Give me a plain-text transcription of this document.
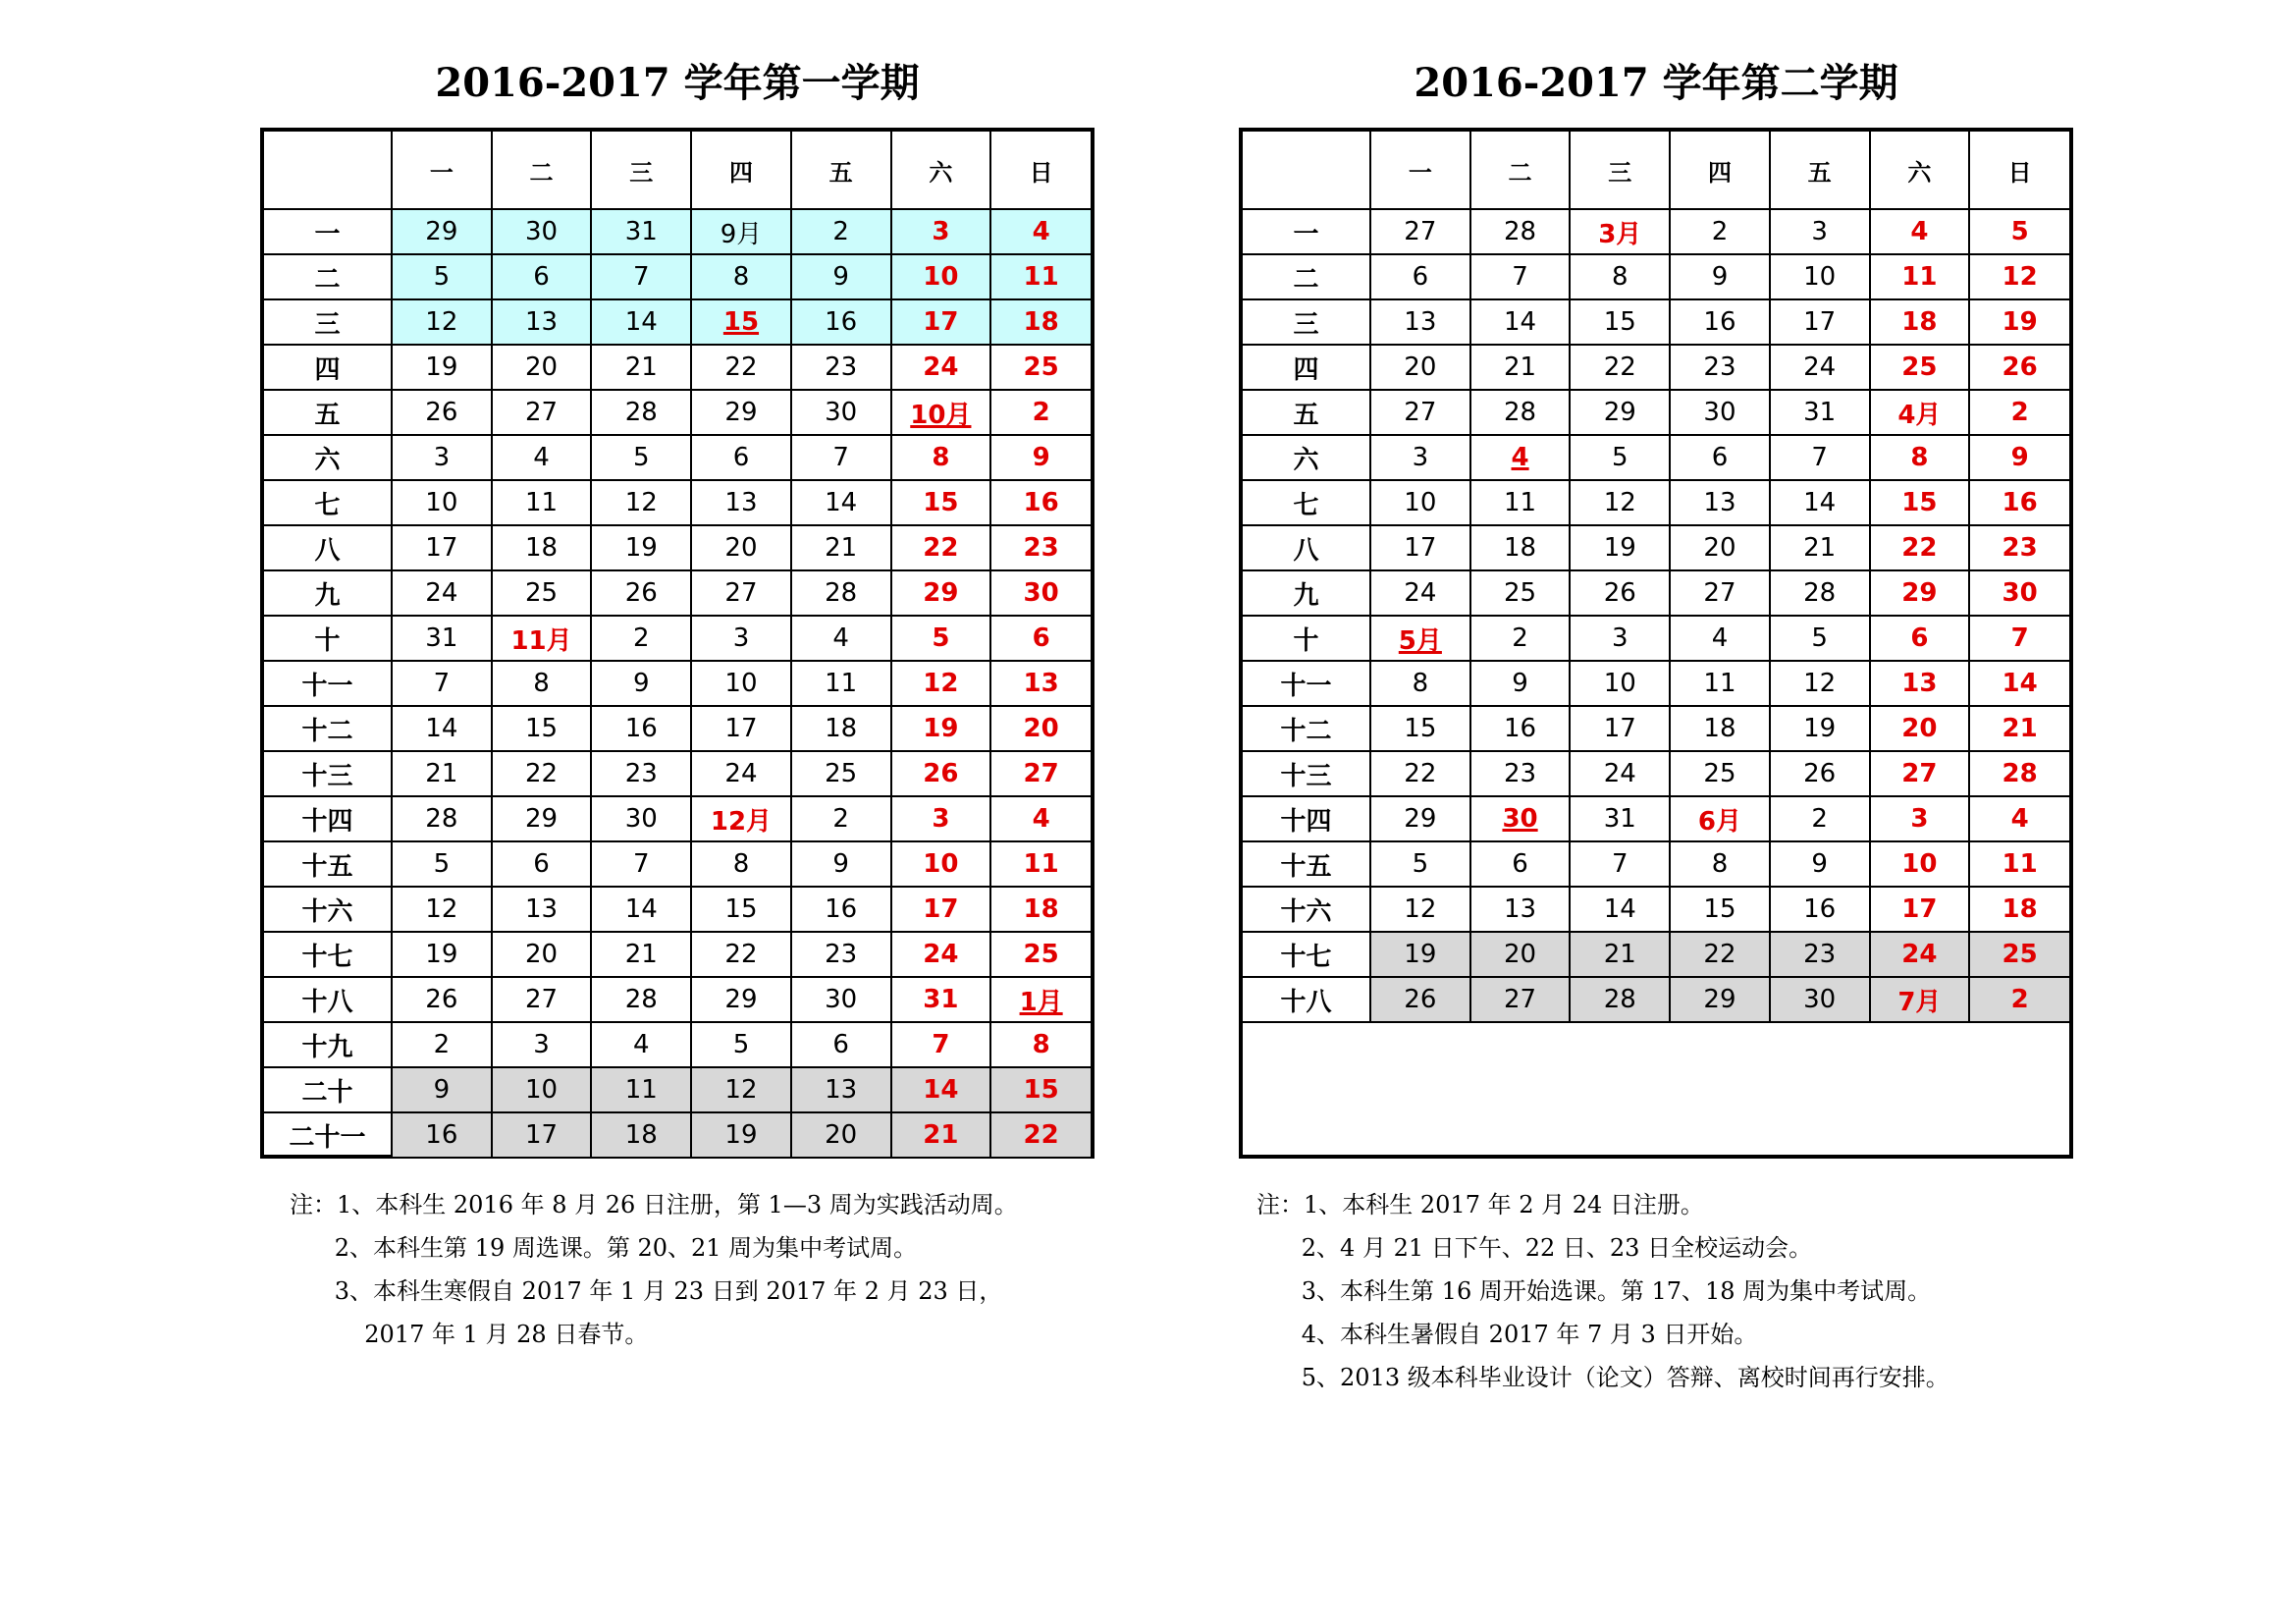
2016-2017 学年第一学期
	一	二	三	四	五	六	日
一	29	30	31	9月	2	3	4
二	5	6	7	8	9	10	11
三	12	13	14	15	16	17	18
四	19	20	21	22	23	24	25
五	26	27	28	29	30	10月	2
六	3	4	5	6	7	8	9
七	10	11	12	13	14	15	16
八	17	18	19	20	21	22	23
九	24	25	26	27	28	29	30
十	31	11月	2	3	4	5	6
十一	7	8	9	10	11	12	13
十二	14	15	16	17	18	19	20
十三	21	22	23	24	25	26	27
十四	28	29	30	12月	2	3	4
十五	5	6	7	8	9	10	11
十六	12	13	14	15	16	17	18
十七	19	20	21	22	23	24	25
十八	26	27	28	29	30	31	1月
十九	2	3	4	5	6	7	8
二十	9	10	11	12	13	14	15
二十一	16	17	18	19	20	21	22
2016-2017 学年第二学期
	一	二	三	四	五	六	日
一	27	28	3月	2	3	4	5
二	6	7	8	9	10	11	12
三	13	14	15	16	17	18	19
四	20	21	22	23	24	25	26
五	27	28	29	30	31	4月	2
六	3	4	5	6	7	8	9
七	10	11	12	13	14	15	16
八	17	18	19	20	21	22	23
九	24	25	26	27	28	29	30
十	5月	2	3	4	5	6	7
十一	8	9	10	11	12	13	14
十二	15	16	17	18	19	20	21
十三	22	23	24	25	26	27	28
十四	29	30	31	6月	2	3	4
十五	5	6	7	8	9	10	11
十六	12	13	14	15	16	17	18
十七	19	20	21	22	23	24	25
十八	26	27	28	29	30	7月	2
注：1、本科生 2016 年 8 月 26 日注册，第 1—3 周为实践活动周。
2、本科生第 19 周选课。第 20、21 周为集中考试周。
3、本科生寒假自 2017 年 1 月 23 日到 2017 年 2 月 23 日，
2017 年 1 月 28 日春节。
注：1、本科生 2017 年 2 月 24 日注册。
2、4 月 21 日下午、22 日、23 日全校运动会。
3、本科生第 16 周开始选课。第 17、18 周为集中考试周。
4、本科生暑假自 2017 年 7 月 3 日开始。
5、2013 级本科毕业设计（论文）答辩、离校时间再行安排。
